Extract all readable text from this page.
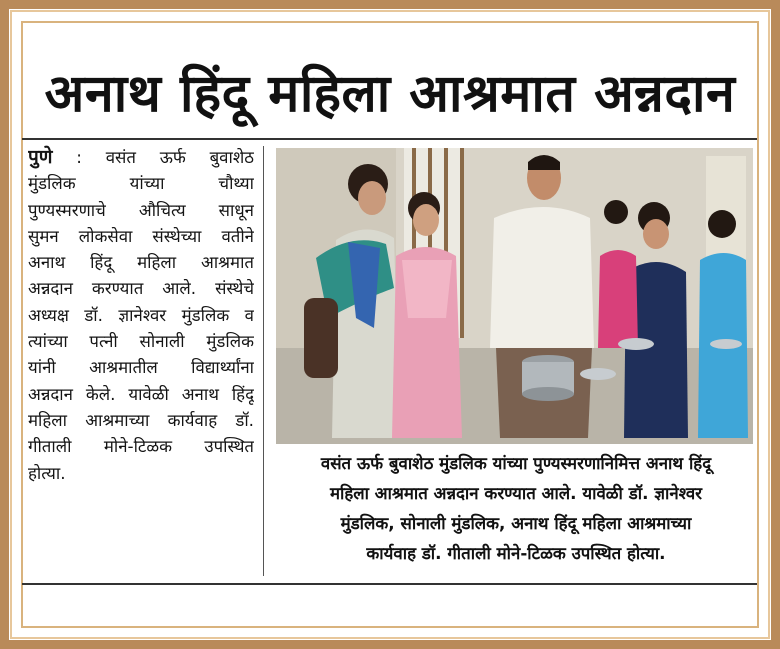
अनाथ हिंदू महिला आश्रमात अन्नदान
पुणे : वसंत ऊर्फ बुवाशेठ
मुंडलिक यांच्या चौथ्या
पुण्यस्मरणाचे औचित्य साधून
सुमन लोकसेवा संस्थेच्या वतीने
अनाथ हिंदू महिला आश्रमात
अन्नदान करण्यात आले. संस्थेचे
अध्यक्ष डॉ. ज्ञानेश्वर मुंडलिक व
त्यांच्या पत्नी सोनाली मुंडलिक
यांनी आश्रमातील विद्यार्थ्यांना
अन्नदान केले. यावेळी अनाथ हिंदू
महिला आश्रमाच्या कार्यवाह डॉ.
गीताली मोने-टिळक उपस्थित
होत्या.	वसंत ऊर्फ बुवाशेठ मुंडलिक यांच्या पुण्यस्मरणानिमित्त अनाथ हिंदू
महिला आश्रमात अन्नदान करण्यात आले. यावेळी डॉ. ज्ञानेश्वर
मुंडलिक, सोनाली मुंडलिक, अनाथ हिंदू महिला आश्रमाच्या
कार्यवाह डॉ. गीताली मोने-टिळक उपस्थित होत्या.
